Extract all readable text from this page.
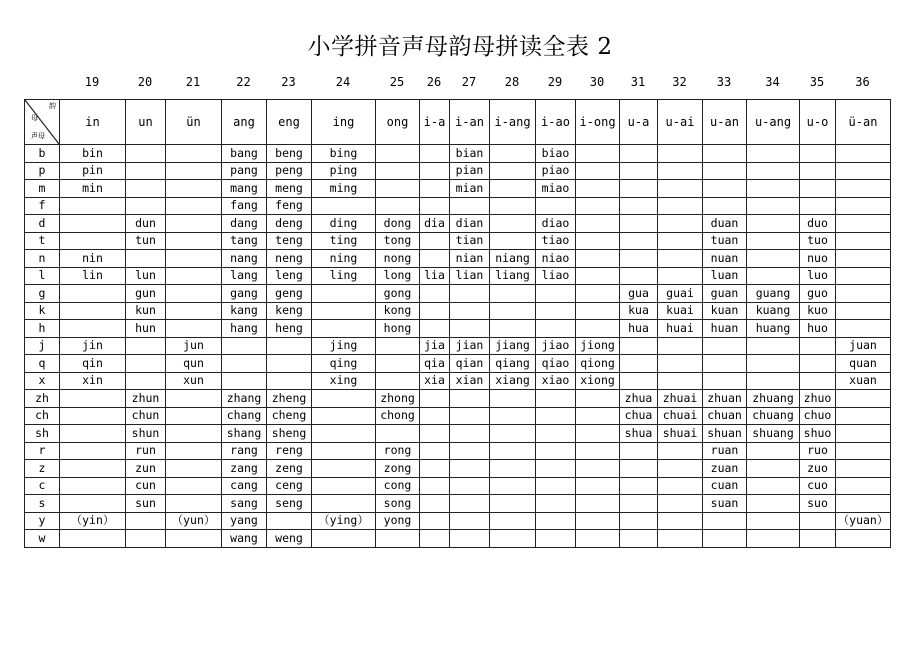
小学拼音声母韵母拼读全表 2
	19	20	21	22	23	24	25	26	27	28	29	30	31	32	33	34	35	36
韵
母
声母	in	un	ün	ang	eng	ing	ong	i-a	i-an	i-ang	i-ao	i-ong	u-a	u-ai	u-an	u-ang	u-o	ü-an
b	bin			bang	beng	bing			bian		biao							
p	pin			pang	peng	ping			pian		piao							
m	min			mang	meng	ming			mian		miao							
f				fang	feng													
d		dun		dang	deng	ding	dong	dia	dian		diao				duan		duo	
t		tun		tang	teng	ting	tong		tian		tiao				tuan		tuo	
n	nin			nang	neng	ning	nong		nian	niang	niao				nuan		nuo	
l	lin	lun		lang	leng	ling	long	lia	lian	liang	liao				luan		luo	
g		gun		gang	geng		gong						gua	guai	guan	guang	guo	
k		kun		kang	keng		kong						kua	kuai	kuan	kuang	kuo	
h		hun		hang	heng		hong						hua	huai	huan	huang	huo	
j	jin		jun			jing		jia	jian	jiang	jiao	jiong						juan
q	qin		qun			qing		qia	qian	qiang	qiao	qiong						quan
x	xin		xun			xing		xia	xian	xiang	xiao	xiong						xuan
zh		zhun		zhang	zheng		zhong						zhua	zhuai	zhuan	zhuang	zhuo	
ch		chun		chang	cheng		chong						chua	chuai	chuan	chuang	chuo	
sh		shun		shang	sheng								shua	shuai	shuan	shuang	shuo	
r		run		rang	reng		rong								ruan		ruo	
z		zun		zang	zeng		zong								zuan		zuo	
c		cun		cang	ceng		cong								cuan		cuo	
s		sun		sang	seng		song								suan		suo	
y	（yin）		（yun）	yang		（ying）	yong											（yuan）
w				wang	weng													
